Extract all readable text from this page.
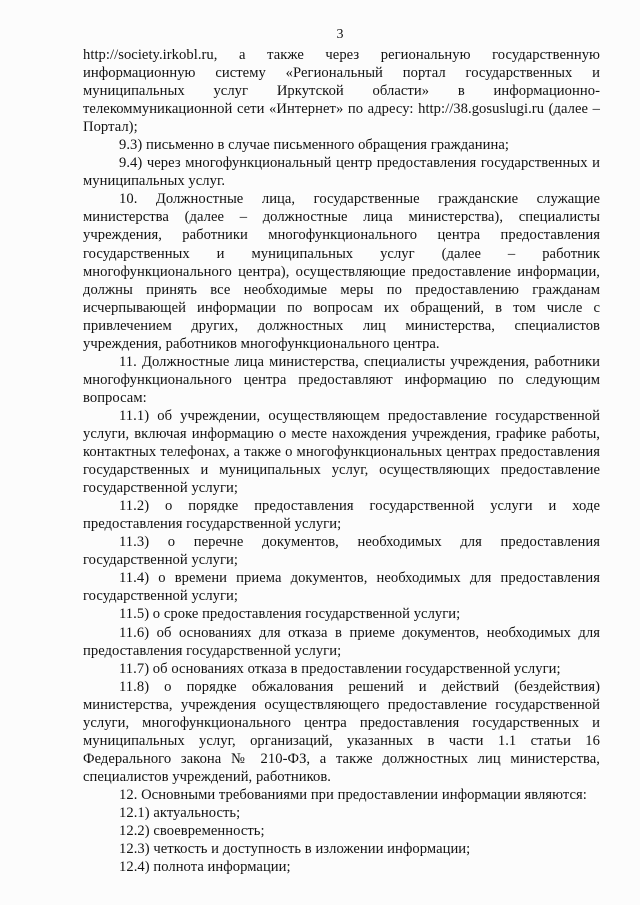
3

http://society.irkobl.ru, а также через региональную государственную информационную систему «Региональный портал государственных и муниципальных услуг Иркутской области» в информационно-телекоммуникационной сети «Интернет» по адресу: http://38.gosuslugi.ru (далее – Портал);

9.3) письменно в случае письменного обращения гражданина;

9.4) через многофункциональный центр предоставления государственных и муниципальных услуг.

10. Должностные лица, государственные гражданские служащие министерства (далее – должностные лица министерства), специалисты учреждения, работники многофункционального центра предоставления государственных и муниципальных услуг (далее – работник многофункционального центра), осуществляющие предоставление информации, должны принять все необходимые меры по предоставлению гражданам исчерпывающей информации по вопросам их обращений, в том числе с привлечением других, должностных лиц министерства, специалистов учреждения, работников многофункционального центра.

11. Должностные лица министерства, специалисты учреждения, работники многофункционального центра предоставляют информацию по следующим вопросам:

11.1) об учреждении, осуществляющем предоставление государственной услуги, включая информацию о месте нахождения учреждения, графике работы, контактных телефонах, а также о многофункциональных центрах предоставления государственных и муниципальных услуг, осуществляющих предоставление государственной услуги;

11.2) о порядке предоставления государственной услуги и ходе предоставления государственной услуги;

11.3) о перечне документов, необходимых для предоставления государственной услуги;

11.4) о времени приема документов, необходимых для предоставления государственной услуги;

11.5) о сроке предоставления государственной услуги;

11.6) об основаниях для отказа в приеме документов, необходимых для предоставления государственной услуги;

11.7) об основаниях отказа в предоставлении государственной услуги;

11.8) о порядке обжалования решений и действий (бездействия) министерства, учреждения осуществляющего предоставление государственной услуги, многофункционального центра предоставления государственных и муниципальных услуг, организаций, указанных в части 1.1 статьи 16 Федерального закона № 210-ФЗ, а также должностных лиц министерства, специалистов учреждений, работников.

12. Основными требованиями при предоставлении информации являются:

12.1) актуальность;

12.2) своевременность;

12.3) четкость и доступность в изложении информации;

12.4) полнота информации;
